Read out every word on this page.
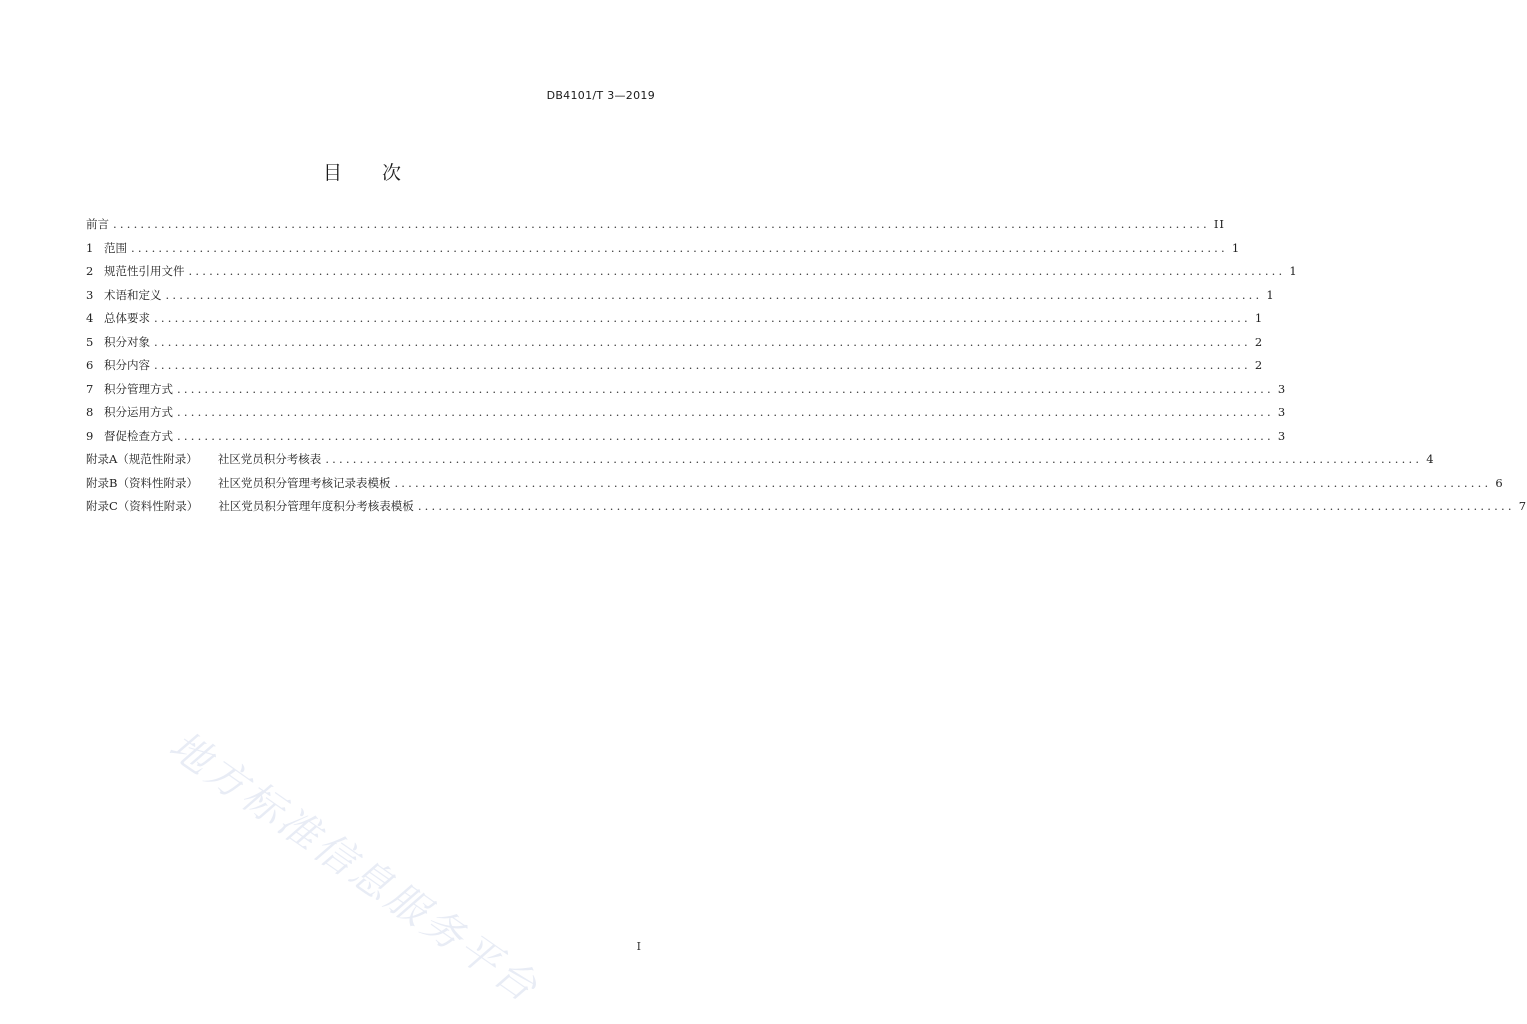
DB4101/T 3—2019
目 次
前言 ................................................................................................................................................................ II
1 范围 ................................................................................................................................................................ 1
2 规范性引用文件 ................................................................................................................................................................ 1
3 术语和定义 ................................................................................................................................................................ 1
4 总体要求 ................................................................................................................................................................ 1
5 积分对象 ................................................................................................................................................................ 2
6 积分内容 ................................................................................................................................................................ 2
7 积分管理方式 ................................................................................................................................................................ 3
8 积分运用方式 ................................................................................................................................................................ 3
9 督促检查方式 ................................................................................................................................................................ 3
附录A（规范性附录） 社区党员积分考核表 ................................................................................................................................................................ 4
附录B（资料性附录） 社区党员积分管理考核记录表模板 ................................................................................................................................................................ 6
附录C（资料性附录） 社区党员积分管理年度积分考核表模板 ................................................................................................................................................................ 7
地方标准信息服务平台	I
